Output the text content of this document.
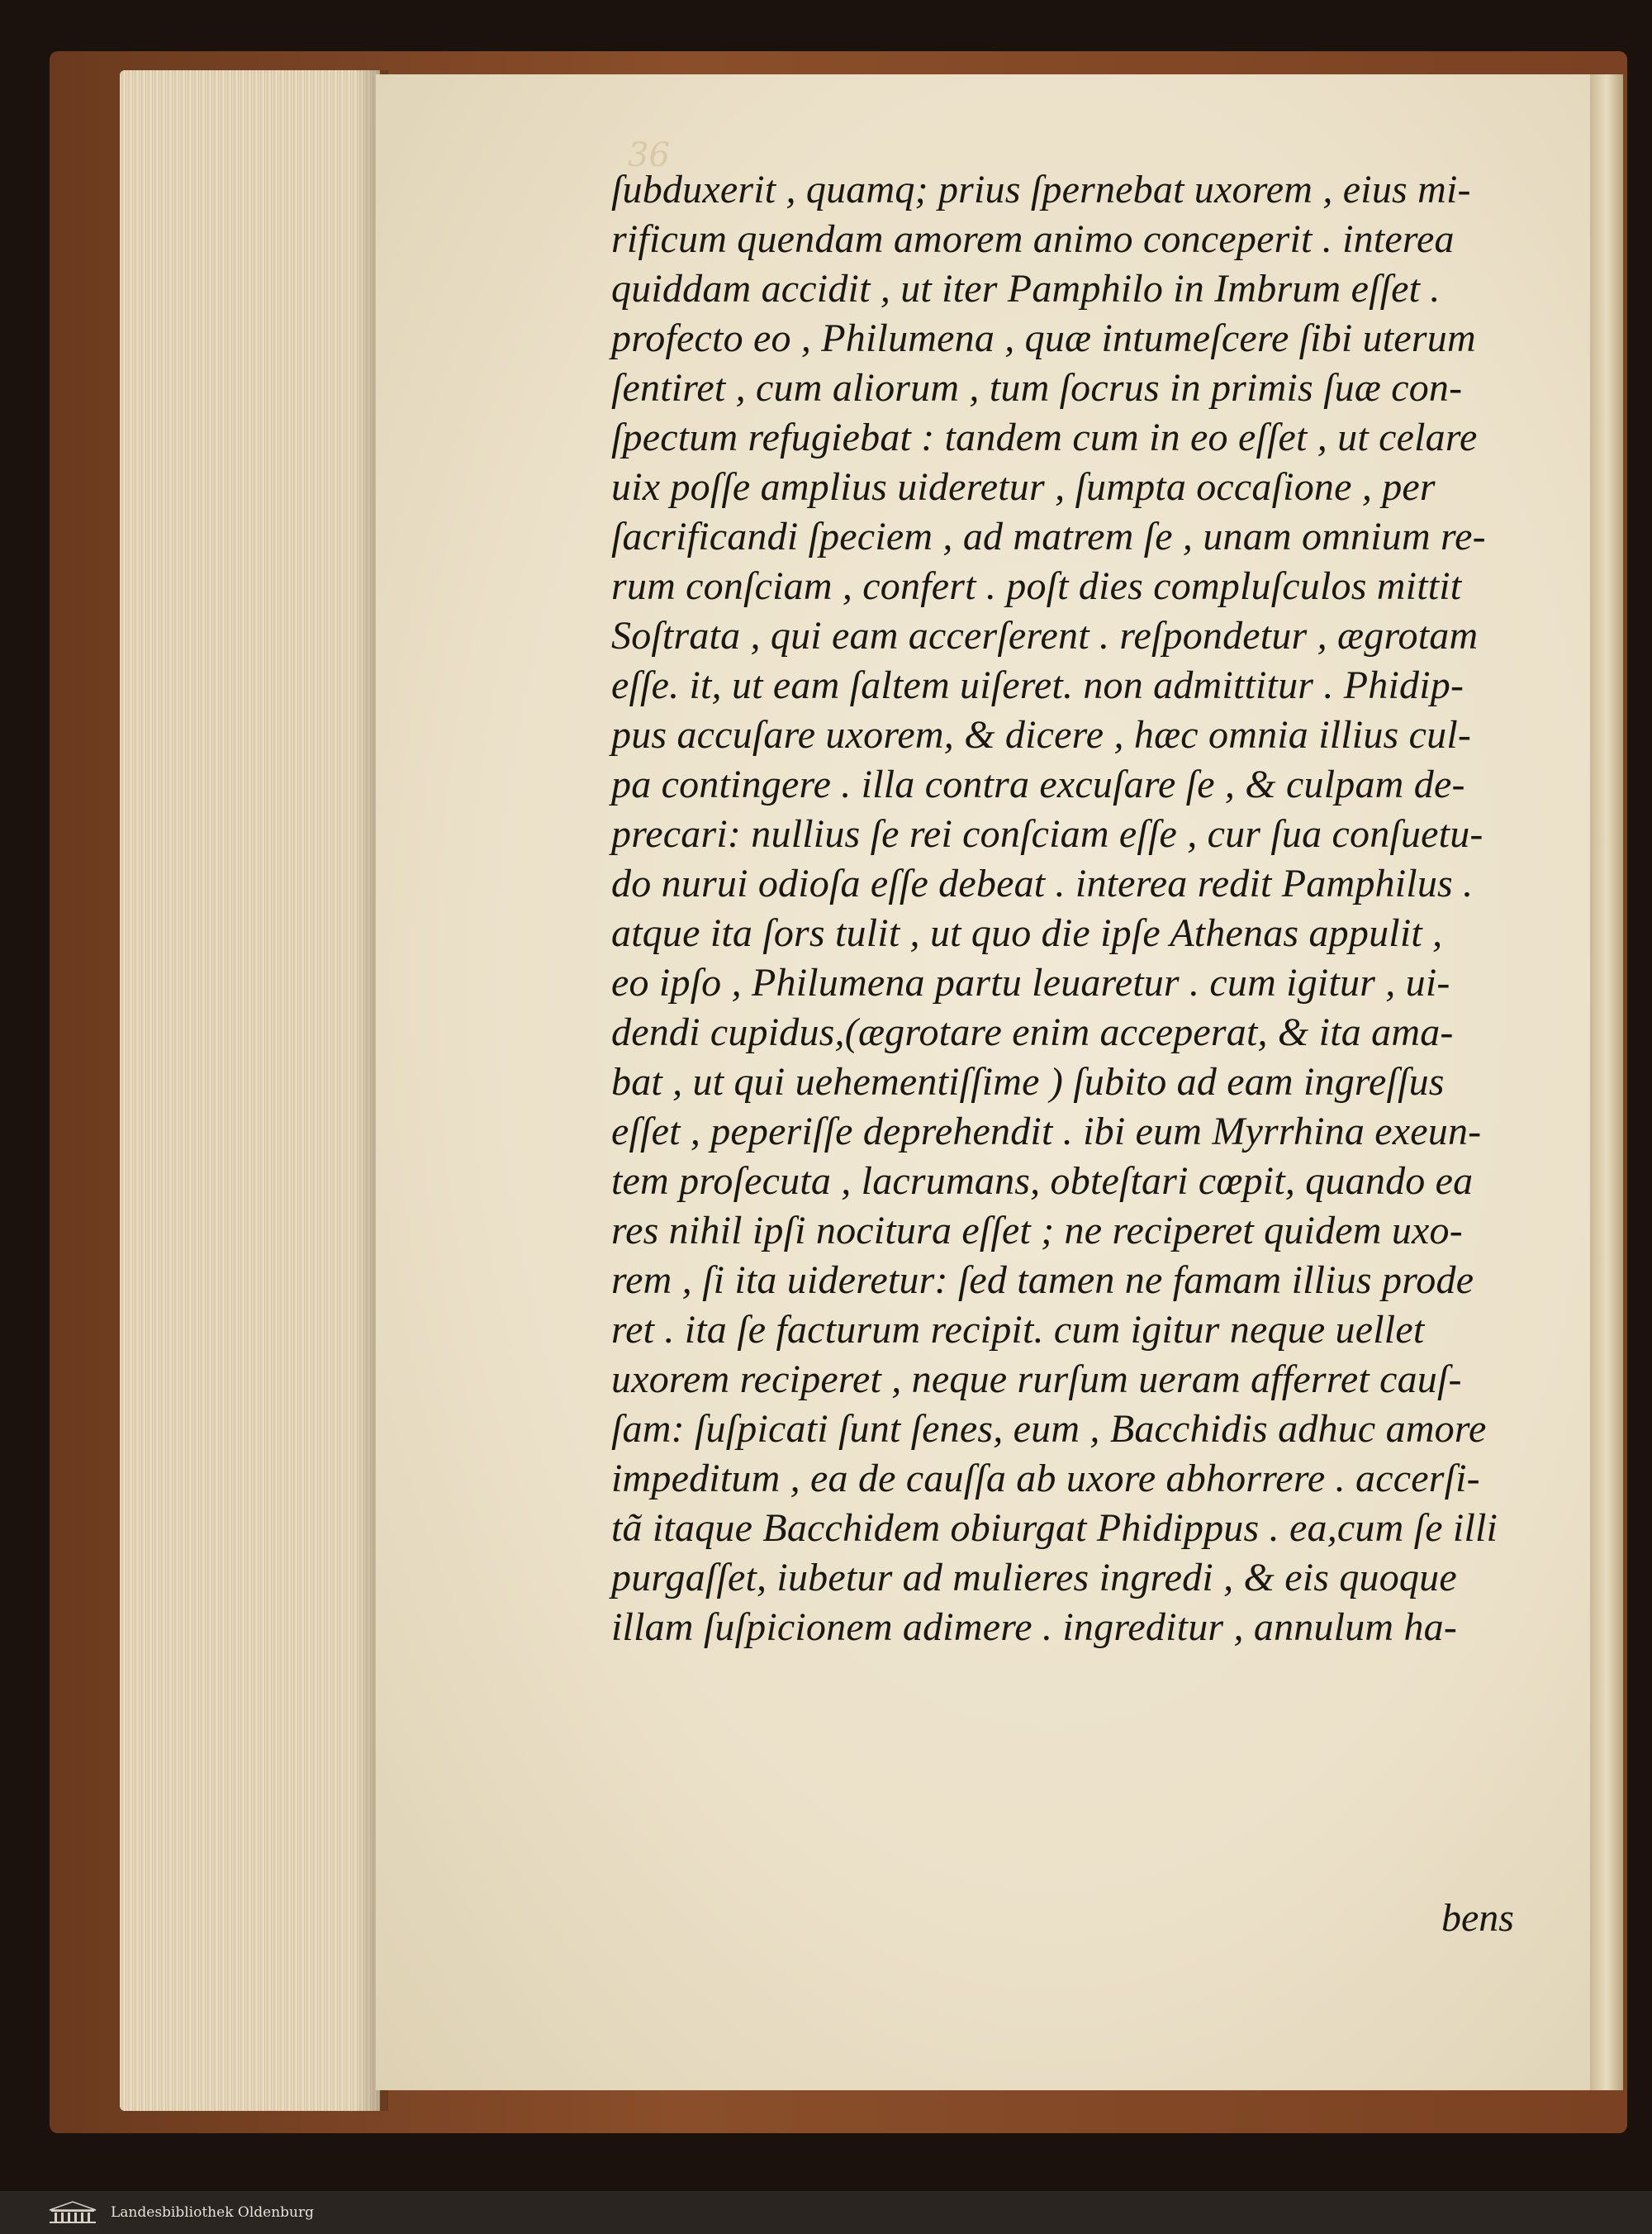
36
ſubduxerit , quamq; prius ſpernebat uxorem , eius mi-
rificum quendam amorem animo conceperit . interea
quiddam accidit , ut iter Pamphilo in Imbrum eſſet .
profecto eo , Philumena , quæ intumeſcere ſibi uterum
ſentiret , cum aliorum , tum ſocrus in primis ſuæ con-
ſpectum refugiebat : tandem cum in eo eſſet , ut celare
uix poſſe amplius uideretur , ſumpta occaſione , per
ſacrificandi ſpeciem , ad matrem ſe , unam omnium re-
rum conſciam , confert . poſt dies compluſculos mittit
Soſtrata , qui eam accerſerent . reſpondetur , ægrotam
eſſe. it, ut eam ſaltem uiſeret. non admittitur . Phidip-
pus accuſare uxorem, & dicere , hæc omnia illius cul-
pa contingere . illa contra excuſare ſe , & culpam de-
precari: nullius ſe rei conſciam eſſe , cur ſua conſuetu-
do nurui odioſa eſſe debeat . interea redit Pamphilus .
atque ita ſors tulit , ut quo die ipſe Athenas appulit ,
eo ipſo , Philumena partu leuaretur . cum igitur , ui-
dendi cupidus,(ægrotare enim acceperat, & ita ama-
bat , ut qui uehementiſſime ) ſubito ad eam ingreſſus
eſſet , peperiſſe deprehendit . ibi eum Myrrhina exeun-
tem proſecuta , lacrumans, obteſtari cœpit, quando ea
res nihil ipſi nocitura eſſet ; ne reciperet quidem uxo-
rem , ſi ita uideretur: ſed tamen ne famam illius prode
ret . ita ſe facturum recipit. cum igitur neque uellet
uxorem reciperet , neque rurſum ueram afferret cauſ-
ſam: ſuſpicati ſunt ſenes, eum , Bacchidis adhuc amore
impeditum , ea de cauſſa ab uxore abhorrere . accerſi-
tã itaque Bacchidem obiurgat Phidippus . ea,cum ſe illi
purgaſſet, iubetur ad mulieres ingredi , & eis quoque
illam ſuſpicionem adimere . ingreditur , annulum ha-
bens
Landesbibliothek Oldenburg
